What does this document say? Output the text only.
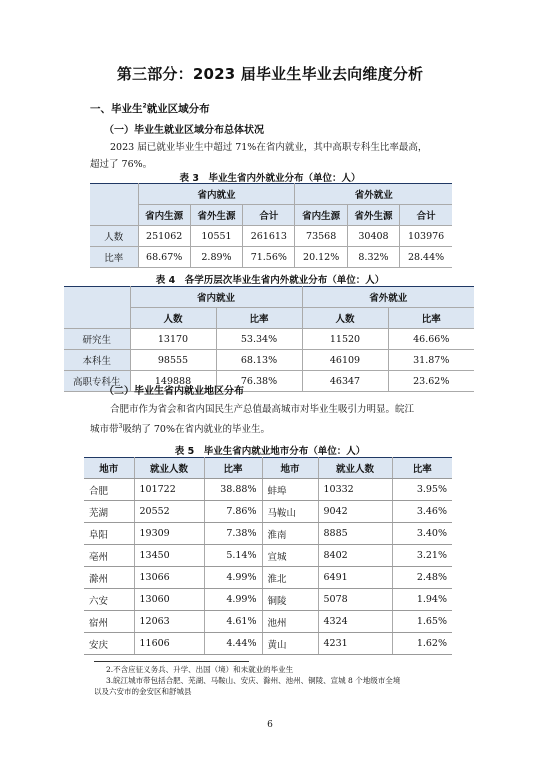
第三部分：2023 届毕业生毕业去向维度分析
一、毕业生$^2$就业区域分布
（一）毕业生就业区域分布总体状况
2023 届已就业毕业生中超过 71%在省内就业，其中高职专科生比率最高，
超过了 76%。
表 3　毕业生省内外就业分布（单位：人）
	省内就业			省外就业		
	省内生源	省外生源	合计	省内生源	省外生源	合计
人数	251062	10551	261613	73568	30408	103976
比率	68.67%	2.89%	71.56%	20.12%	8.32%	28.44%
表 4　各学历层次毕业生省内外就业分布（单位：人）
	省内就业		省外就业	
	人数	比率	人数	比率
研究生	13170	53.34%	11520	46.66%
本科生	98555	68.13%	46109	31.87%
高职专科生	149888	76.38%	46347	23.62%
（二）毕业生省内就业地区分布
合肥市作为省会和省内国民生产总值最高城市对毕业生吸引力明显。皖江
城市带$^3$吸纳了 70%在省内就业的毕业生。
表 5　毕业生省内就业地市分布（单位：人）
地市	就业人数	比率	地市	就业人数	比率
合肥	101722	38.88%	蚌埠	10332	3.95%
芜湖	20552	7.86%	马鞍山	9042	3.46%
阜阳	19309	7.38%	淮南	8885	3.40%
亳州	13450	5.14%	宣城	8402	3.21%
滁州	13066	4.99%	淮北	6491	2.48%
六安	13060	4.99%	铜陵	5078	1.94%
宿州	12063	4.61%	池州	4324	1.65%
安庆	11606	4.44%	黄山	4231	1.62%
2.不含应征义务兵、升学、出国（境）和未就业的毕业生
3.皖江城市带包括合肥、芜湖、马鞍山、安庆、滁州、池州、铜陵、宣城 8 个地级市全境
以及六安市的金安区和舒城县
6
